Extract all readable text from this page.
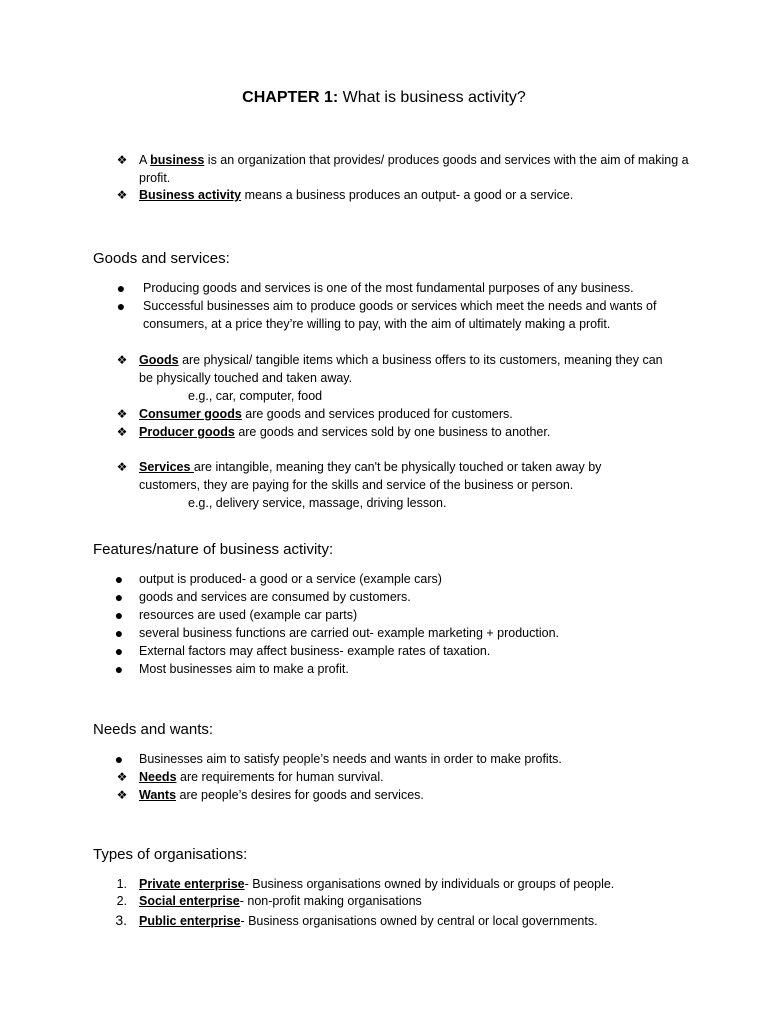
CHAPTER 1: What is business activity?
❖ A business is an organization that provides/ produces goods and services with the aim of making a profit.
❖ Business activity means a business produces an output- a good or a service.
Goods and services:
●	Producing goods and services is one of the most fundamental purposes of any business.
●	Successful businesses aim to produce goods or services which meet the needs and wants of consumers, at a price they’re willing to pay, with the aim of ultimately making a profit.
❖ Goods are physical/ tangible items which a business offers to its customers, meaning they can be physically touched and taken away.
e.g., car, computer, food
❖ Consumer goods are goods and services produced for customers.
❖ Producer goods are goods and services sold by one business to another.
❖ Services are intangible, meaning they can't be physically touched or taken away by customers, they are paying for the skills and service of the business or person.
e.g., delivery service, massage, driving lesson.
Features/nature of business activity:
●	output is produced- a good or a service (example cars)
●	goods and services are consumed by customers.
●	resources are used (example car parts)
●	several business functions are carried out- example marketing + production.
●	External factors may affect business- example rates of taxation.
●	Most businesses aim to make a profit.
Needs and wants:
●	Businesses aim to satisfy people’s needs and wants in order to make profits.
❖ Needs are requirements for human survival.
❖ Wants are people’s desires for goods and services.
Types of organisations:
1. Private enterprise- Business organisations owned by individuals or groups of people.
2. Social enterprise- non-profit making organisations
3. Public enterprise- Business organisations owned by central or local governments.
